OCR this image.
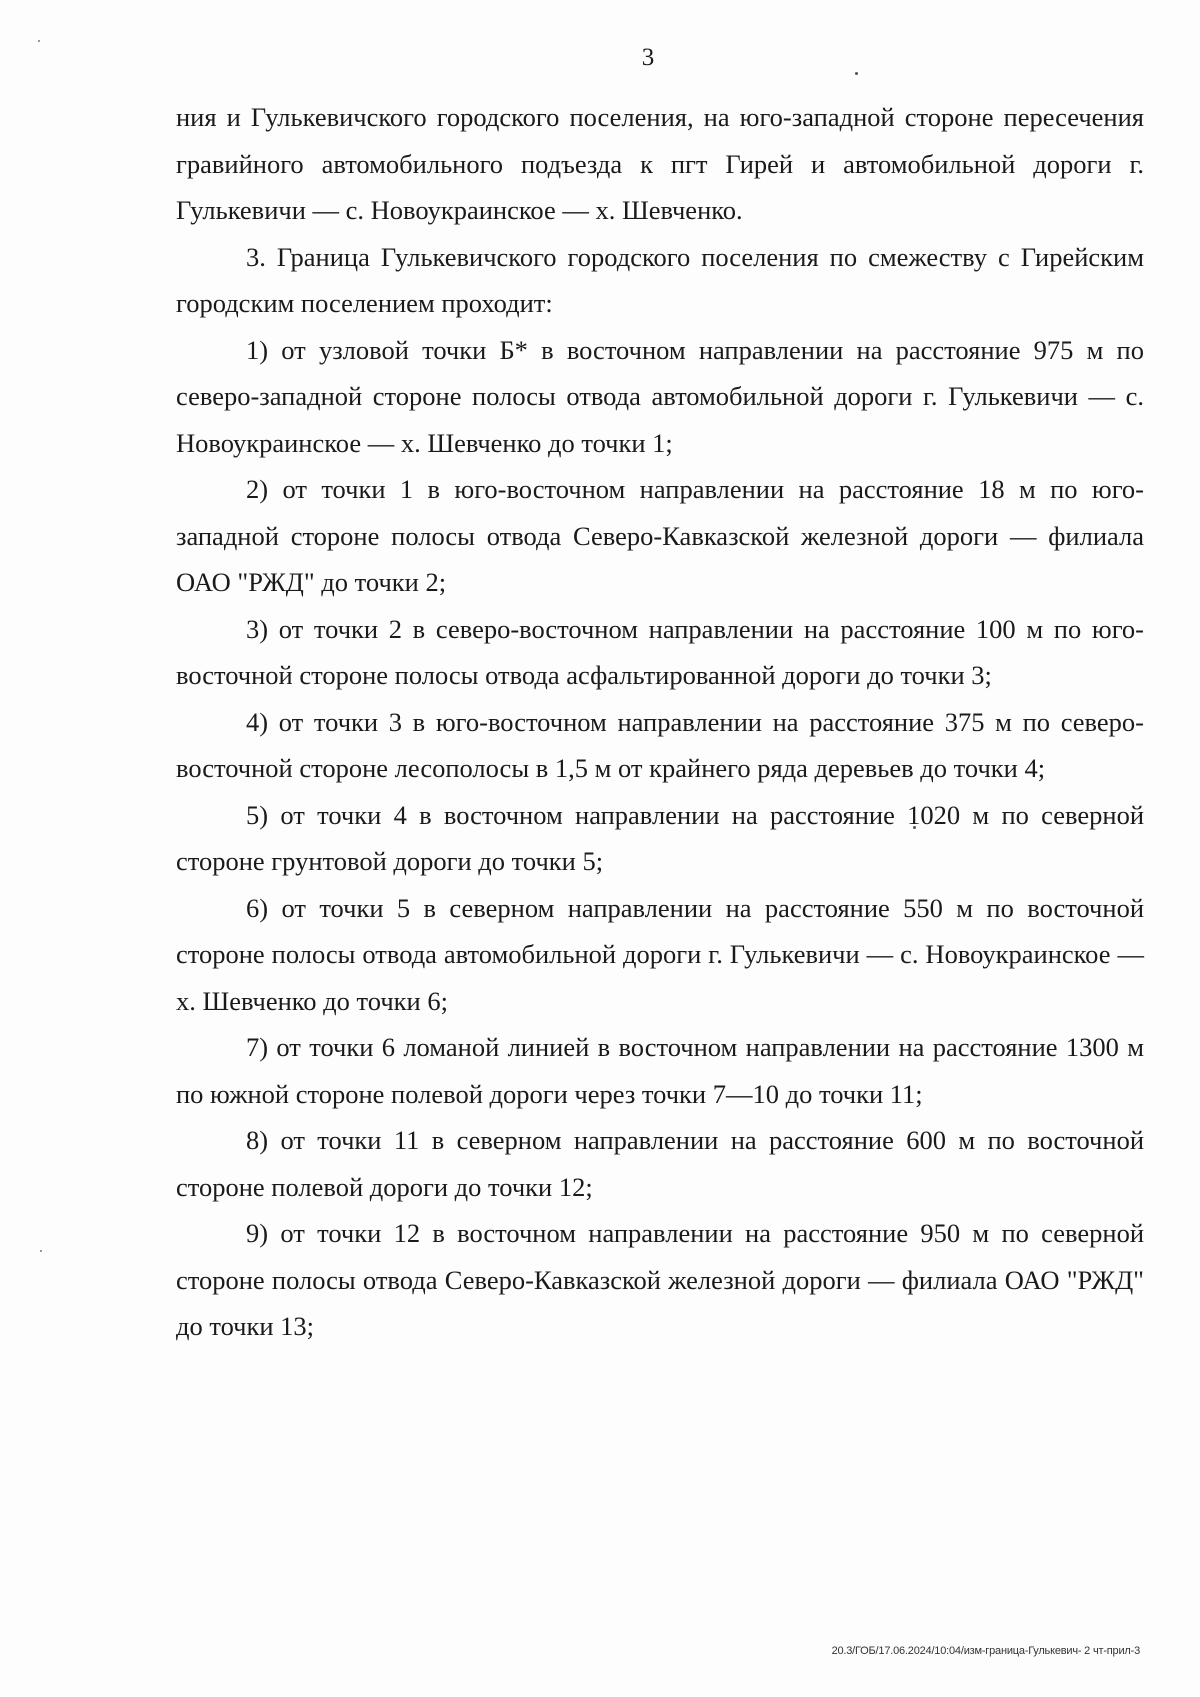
3

ния и Гулькевичского городского поселения, на юго-западной стороне пересечения гравийного автомобильного подъезда к пгт Гирей и автомобильной дороги г. Гулькевичи — с. Новоукраинское — х. Шевченко.

3. Граница Гулькевичского городского поселения по смежеству с Гирейским городским поселением проходит:

1) от узловой точки Б* в восточном направлении на расстояние 975 м по северо-западной стороне полосы отвода автомобильной дороги г. Гулькевичи — с. Новоукраинское — х. Шевченко до точки 1;

2) от точки 1 в юго-восточном направлении на расстояние 18 м по юго-западной стороне полосы отвода Северо-Кавказской железной дороги — филиала ОАО "РЖД" до точки 2;

3) от точки 2 в северо-восточном направлении на расстояние 100 м по юго-восточной стороне полосы отвода асфальтированной дороги до точки 3;

4) от точки 3 в юго-восточном направлении на расстояние 375 м по северо-восточной стороне лесополосы в 1,5 м от крайнего ряда деревьев до точки 4;

5) от точки 4 в восточном направлении на расстояние 1020 м по северной стороне грунтовой дороги до точки 5;

6) от точки 5 в северном направлении на расстояние 550 м по восточной стороне полосы отвода автомобильной дороги г. Гулькевичи — с. Новоукраинское — х. Шевченко до точки 6;

7) от точки 6 ломаной линией в восточном направлении на расстояние 1300 м по южной стороне полевой дороги через точки 7—10 до точки 11;

8) от точки 11 в северном направлении на расстояние 600 м по восточной стороне полевой дороги до точки 12;

9) от точки 12 в восточном направлении на расстояние 950 м по северной стороне полосы отвода Северо-Кавказской железной дороги — филиала ОАО "РЖД" до точки 13;

20.3/ГОБ/17.06.2024/10:04/изм-граница-Гулькевич- 2 чт-прил-3
